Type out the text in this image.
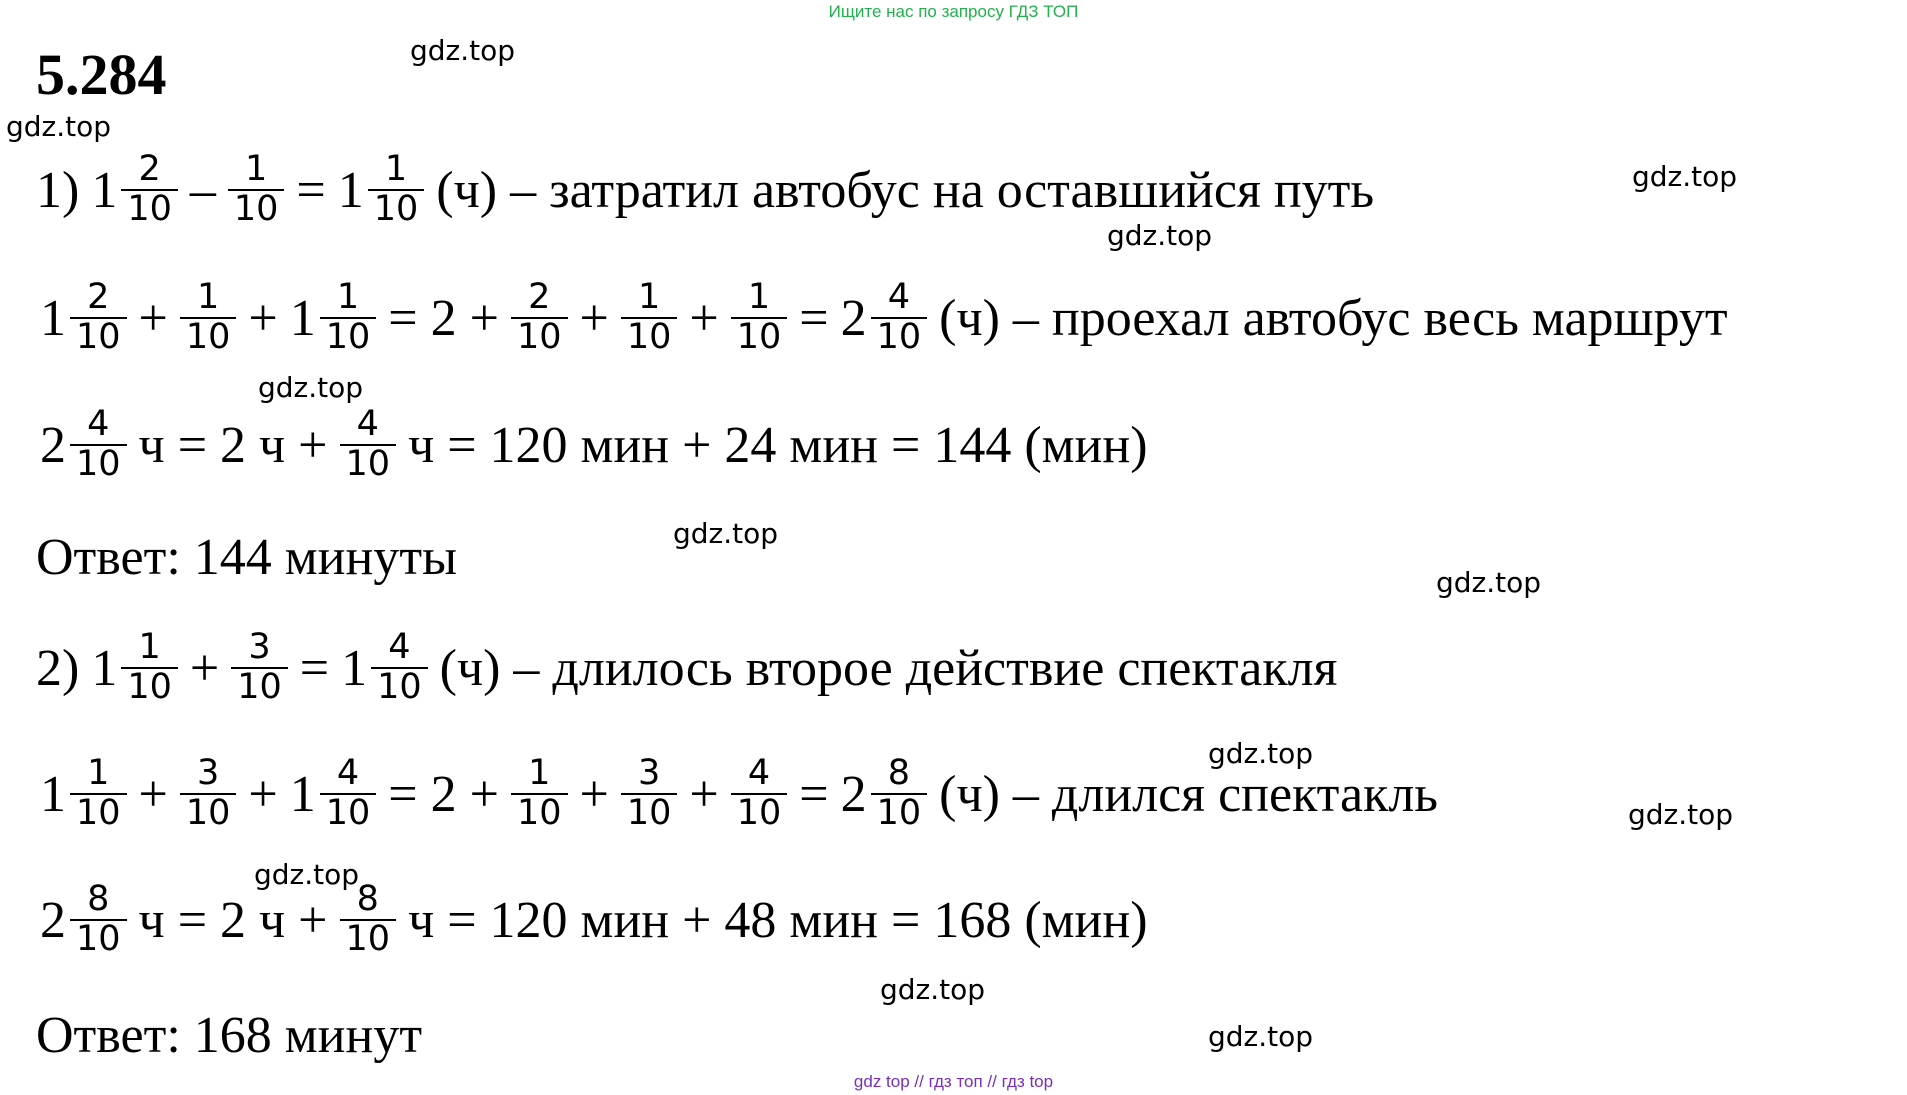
Ищите нас по запросу ГДЗ ТОП
5.284	gdz.top
gdz.top
gdz.top
gdz.top
gdz.top
gdz.top
gdz.top
gdz.top
gdz.top
gdz.top
gdz.top
gdz.top
1) $1 \frac{2}{10} - \frac{1}{10} = 1 \frac{1}{10} (ч)$ – затратил автобус на оставшийся путь
$1 \frac{2}{10} + \frac{1}{10} + 1 \frac{1}{10} = 2 + \frac{2}{10} + \frac{1}{10} + \frac{1}{10} = 2 \frac{4}{10} (ч)$ – проехал автобус весь маршрут
$2 \frac{4}{10}$ ч = 2 $ч + \frac{4}{10}$ ч = 120 мин + 24 мин = 144 (мин)
Ответ: 144 минуты
2) $1 \frac{1}{10} + \frac{3}{10} = 1 \frac{4}{10} (ч)$ – длилось второе действие спектакля
$1 \frac{1}{10} + \frac{3}{10} + 1 \frac{4}{10} = 2 + \frac{1}{10} + \frac{3}{10} + \frac{4}{10} = 2 \frac{8}{10} (ч)$ – длился спектакль
$2 \frac{8}{10}$ ч = 2 $ч + \frac{8}{10}$ ч = 120 мин + 48 мин = 168 (мин)
Ответ: 168 минут
gdz top // гдз топ // гдз top
